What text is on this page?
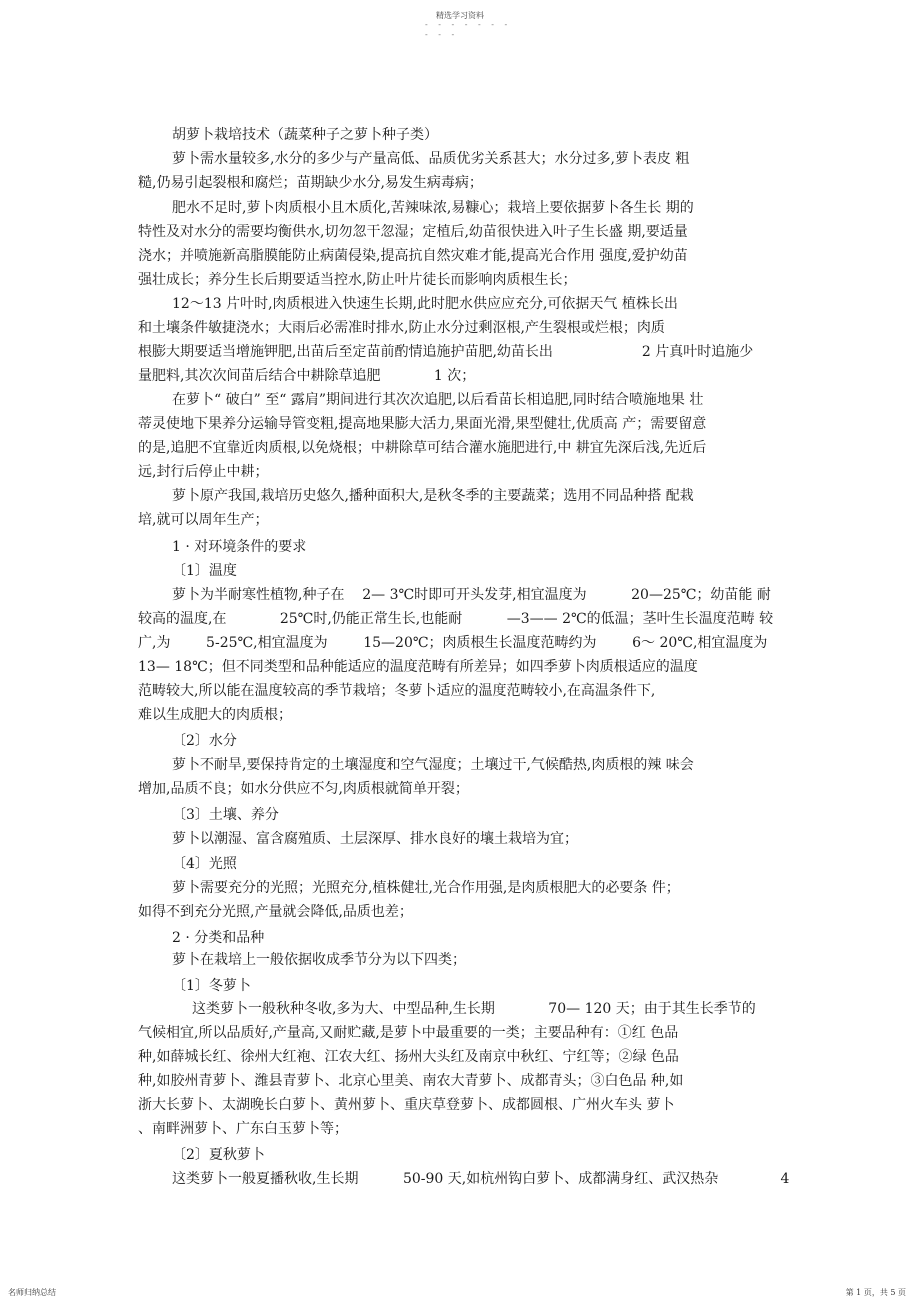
精选学习资料
- - - - - - -
- - -
胡萝卜栽培技术（蔬菜种子之萝卜种子类）
萝卜需水量较多,水分的多少与产量高低、品质优劣关系甚大；水分过多,萝卜表皮 粗
糙,仍易引起裂根和腐烂；苗期缺少水分,易发生病毒病；
肥水不足时,萝卜肉质根小且木质化,苦辣味浓,易糠心；栽培上要依据萝卜各生长 期的
特性及对水分的需要均衡供水,切勿忽干忽湿；定植后,幼苗很快进入叶子生长盛 期,要适量
浇水；并喷施新高脂膜能防止病菌侵染,提高抗自然灾难才能,提高光合作用 强度,爱护幼苗
强壮成长；养分生长后期要适当控水,防止叶片徒长而影响肉质根生长；
12～13 片叶时,肉质根进入快速生长期,此时肥水供应应充分,可依据天气 植株长出
和土壤条件敏捷浇水；大雨后必需准时排水,防止水分过剩沤根,产生裂根或烂根；肉质
根膨大期要适当增施钾肥,出苗后至定苗前酌情追施护苗肥,幼苗长出                    2 片真叶时追施少
量肥料,其次次间苗后结合中耕除草追肥            1 次；
在萝卜“ 破白” 至“ 露肩”期间进行其次次追肥,以后看苗长相追肥,同时结合喷施地果 壮
蒂灵使地下果养分运输导管变粗,提高地果膨大活力,果面光滑,果型健壮,优质高 产；需要留意
的是,追肥不宜靠近肉质根,以免烧根；中耕除草可结合灌水施肥进行,中 耕宜先深后浅,先近后
远,封行后停止中耕；
萝卜原产我国,栽培历史悠久,播种面积大,是秋冬季的主要蔬菜；选用不同品种搭 配栽
培,就可以周年生产；
1 · 对环境条件的要求
〔1〕温度
萝卜为半耐寒性植物,种子在    2— 3℃时即可开头发芽,相宜温度为          20—25℃；幼苗能 耐
较高的温度,在            25℃时,仍能正常生长,也能耐          —3—— 2℃的低温；茎叶生长温度范畴 较
广,为        5-25℃,相宜温度为        15—20℃；肉质根生长温度范畴约为        6～ 20℃,相宜温度为
13— 18℃；但不同类型和品种能适应的温度范畴有所差异；如四季萝卜肉质根适应的温度
范畴较大,所以能在温度较高的季节栽培；冬萝卜适应的温度范畴较小,在高温条件下,
难以生成肥大的肉质根；
〔2〕水分
萝卜不耐旱,要保持肯定的土壤湿度和空气湿度；土壤过干,气候酷热,肉质根的辣 味会
增加,品质不良；如水分供应不匀,肉质根就简单开裂；
〔3〕土壤、养分
萝卜以潮湿、富含腐殖质、土层深厚、排水良好的壤土栽培为宜；
〔4〕光照
萝卜需要充分的光照；光照充分,植株健壮,光合作用强,是肉质根肥大的必要条 件；
如得不到充分光照,产量就会降低,品质也差；
2 · 分类和品种
萝卜在栽培上一般依据收成季节分为以下四类；
〔1〕冬萝卜
这类萝卜一般秋种冬收,多为大、中型品种,生长期            70— 120 天；由于其生长季节的
气候相宜,所以品质好,产量高,又耐贮藏,是萝卜中最重要的一类；主要品种有：①红 色品
种,如薛城长红、徐州大红袍、江农大红、扬州大头红及南京中秋红、宁红等；②绿 色品
种,如胶州青萝卜、潍县青萝卜、北京心里美、南农大青萝卜、成都青头；③白色品 种,如
浙大长萝卜、太湖晚长白萝卜、黄州萝卜、重庆草登萝卜、成都圆根、广州火车头 萝卜
、南畔洲萝卜、广东白玉萝卜等；
〔2〕夏秋萝卜
这类萝卜一般夏播秋收,生长期          50-90 天,如杭州钩白萝卜、成都满身红、武汉热杂              4
名师归纳总结	第 1 页，共 5 页
